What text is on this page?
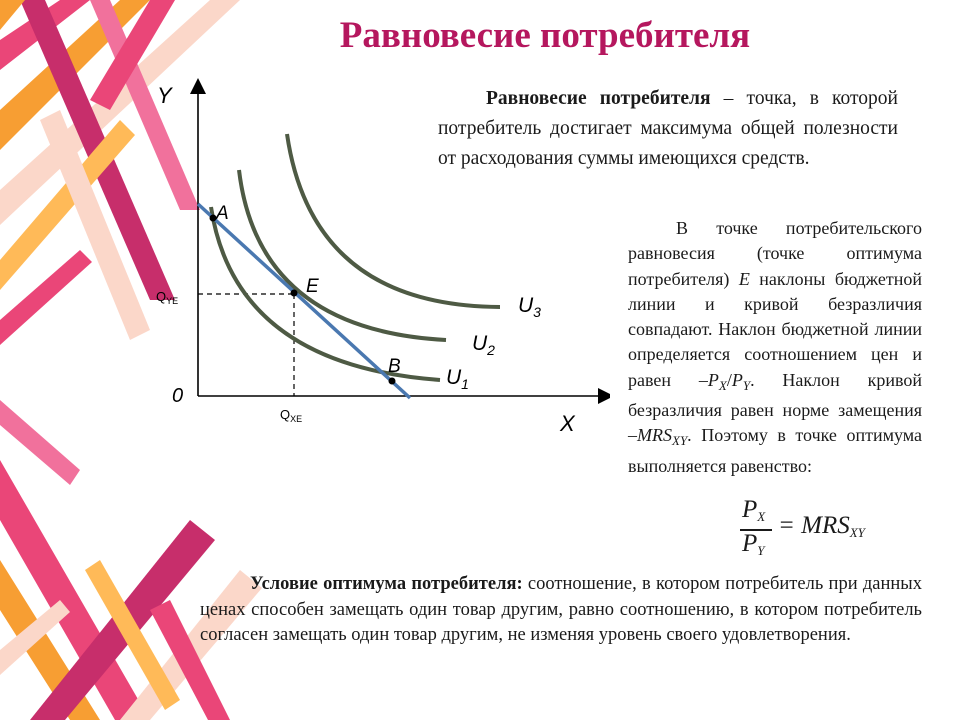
Равновесие потребителя
Y
X
0
A
E
B
$Q_{YE}$
$Q_{XE}$
$U_1$
$U_2$
$U_3$
Равновесие потребителя – точка, в которой потребитель достигает максимума общей полезности от расходования суммы имеющихся средств.
В точке потребительского равновесия (точке оптимума потребителя) E наклоны бюджетной линии и кривой безразличия совпадают. Наклон бюджетной линии определяется соотношением цен и равен $-P_X/P_Y$. Наклон кривой безразличия равен норме замещения $-MRS_{XY}$. Поэтому в точке оптимума выполняется равенство:
$P_X$
$P_Y$
= $MRS_{XY}$
Условие оптимума потребителя: соотношение, в котором потребитель при данных ценах способен замещать один товар другим, равно соотношению, в котором потребитель согласен замещать один товар другим, не изменяя уровень своего удовлетворения.
